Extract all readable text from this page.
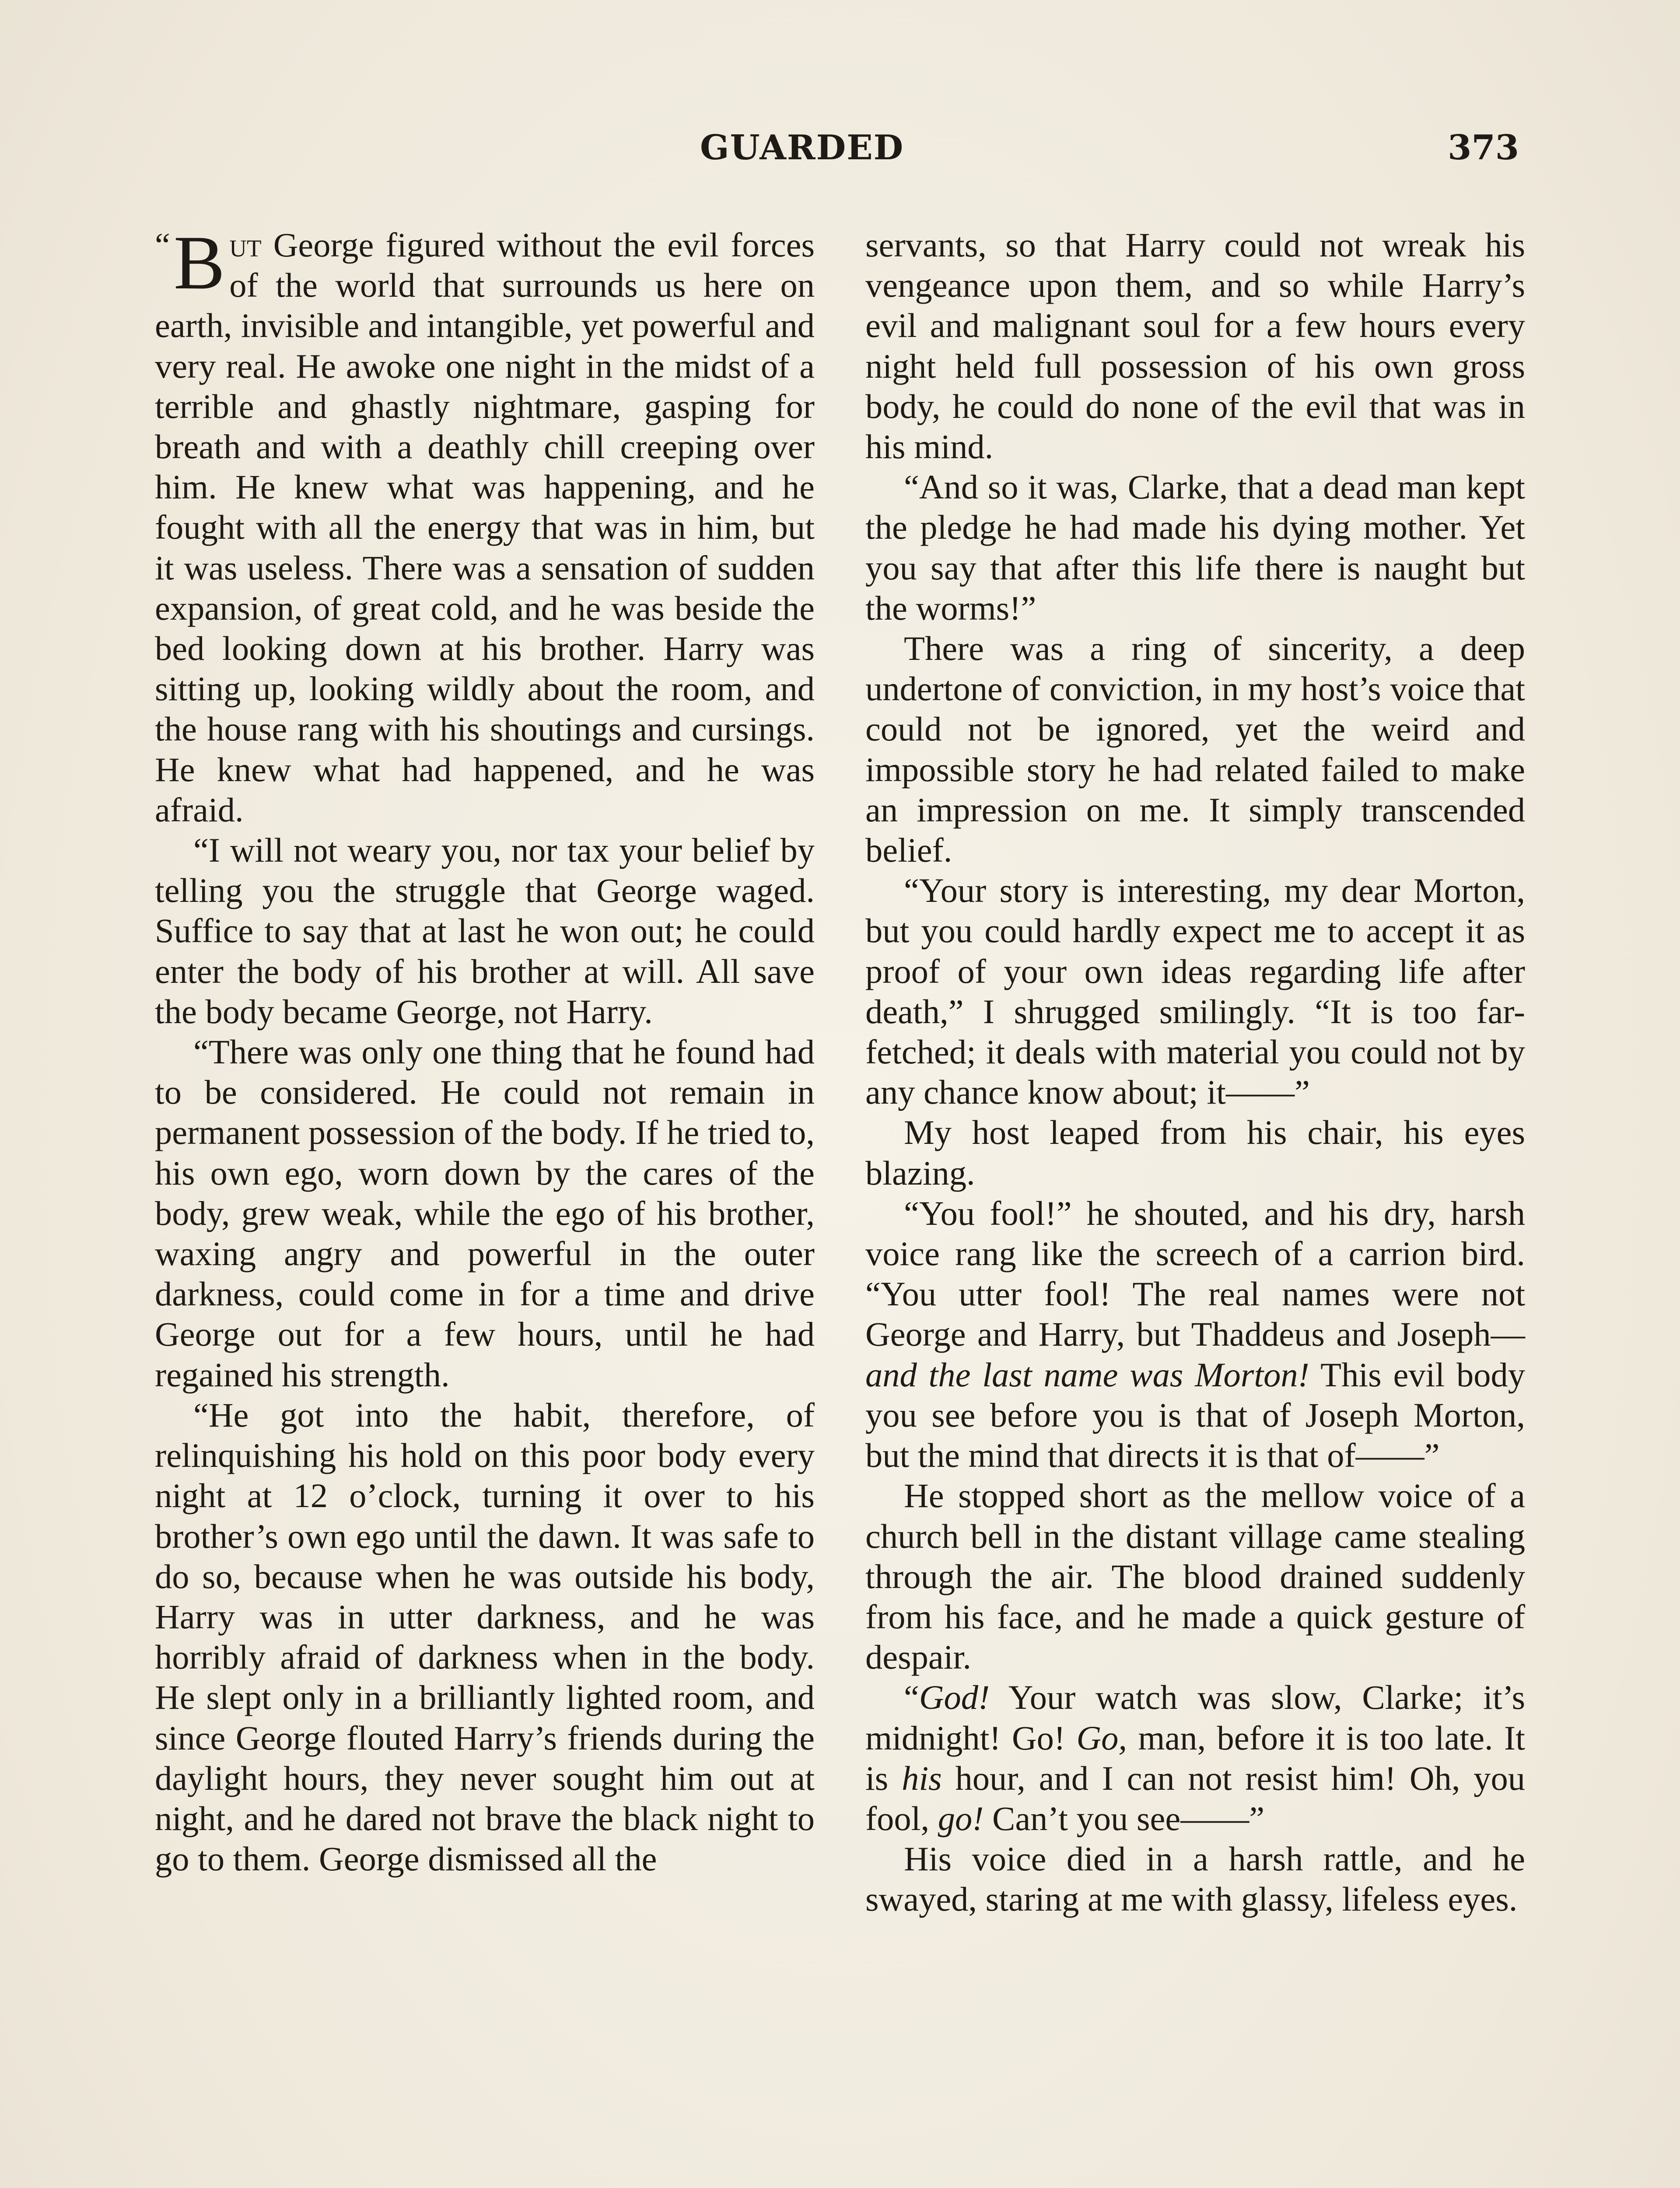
GUARDED	373

“ B ut George figured without the evil forces of the world that surrounds us here on earth, invisible and intangible, yet powerful and very real. He awoke one night in the midst of a terrible and ghastly nightmare, gasping for breath and with a deathly chill creeping over him. He knew what was happening, and he fought with all the energy that was in him, but it was useless. There was a sensation of sudden expansion, of great cold, and he was beside the bed looking down at his brother. Harry was sitting up, looking wildly about the room, and the house rang with his shoutings and cursings. He knew what had happened, and he was afraid.

“I will not weary you, nor tax your belief by telling you the struggle that George waged. Suffice to say that at last he won out; he could enter the body of his brother at will. All save the body became George, not Harry.

“There was only one thing that he found had to be considered. He could not remain in permanent possession of the body. If he tried to, his own ego, worn down by the cares of the body, grew weak, while the ego of his brother, waxing angry and powerful in the outer darkness, could come in for a time and drive George out for a few hours, until he had regained his strength.

“He got into the habit, therefore, of relinquishing his hold on this poor body every night at 12 o’clock, turning it over to his brother’s own ego until the dawn. It was safe to do so, because when he was outside his body, Harry was in utter darkness, and he was horribly afraid of darkness when in the body. He slept only in a brilliantly lighted room, and since George flouted Harry’s friends during the daylight hours, they never sought him out at night, and he dared not brave the black night to go to them. George dismissed all the

servants, so that Harry could not wreak his vengeance upon them, and so while Harry’s evil and malignant soul for a few hours every night held full possession of his own gross body, he could do none of the evil that was in his mind.

“And so it was, Clarke, that a dead man kept the pledge he had made his dying mother. Yet you say that after this life there is naught but the worms!”

There was a ring of sincerity, a deep undertone of conviction, in my host’s voice that could not be ignored, yet the weird and impossible story he had related failed to make an impression on me. It simply transcended belief.

“Your story is interesting, my dear Morton, but you could hardly expect me to accept it as proof of your own ideas regarding life after death,” I shrugged smilingly. “It is too far-fetched; it deals with material you could not by any chance know about; it——”

My host leaped from his chair, his eyes blazing.

“You fool!” he shouted, and his dry, harsh voice rang like the screech of a carrion bird. “You utter fool! The real names were not George and Harry, but Thaddeus and Joseph—and the last name was Morton! This evil body you see before you is that of Joseph Morton, but the mind that directs it is that of——”

He stopped short as the mellow voice of a church bell in the distant village came stealing through the air. The blood drained suddenly from his face, and he made a quick gesture of despair.

“God! Your watch was slow, Clarke; it’s midnight! Go! Go, man, before it is too late. It is his hour, and I can not resist him! Oh, you fool, go! Can’t you see——”

His voice died in a harsh rattle, and he swayed, staring at me with glassy, lifeless eyes.
